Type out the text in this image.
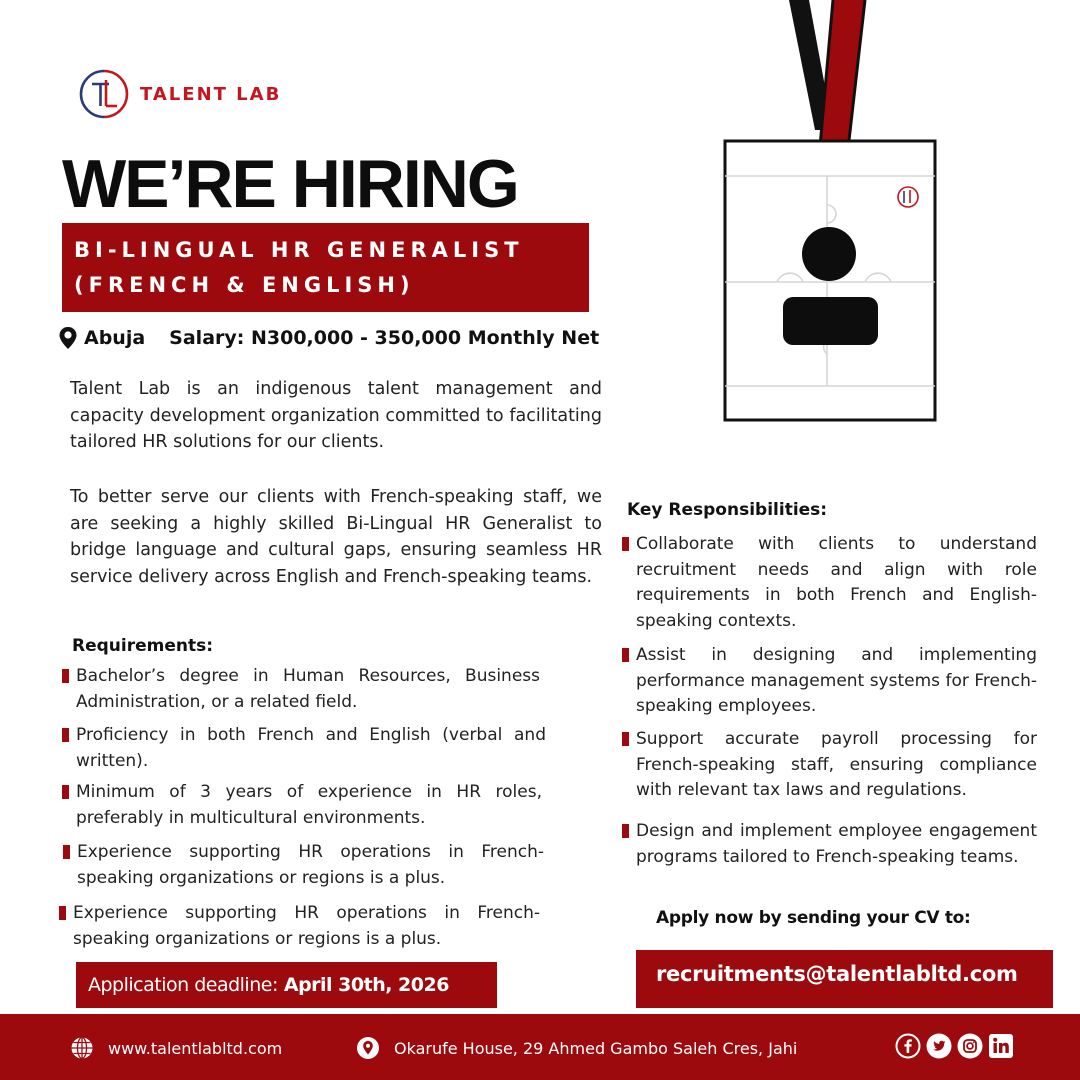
TALENT LAB
WE’RE HIRING
BI-LINGUAL HR GENERALIST
(FRENCH & ENGLISH)
Abuja Salary: N300,000 - 350,000 Monthly Net
Talent Lab is an indigenous talent management and capacity development organization committed to facilitating tailored HR solutions for our clients.
To better serve our clients with French-speaking staff, we are seeking a highly skilled Bi-Lingual HR Generalist to bridge language and cultural gaps, ensuring seamless HR service delivery across English and French-speaking teams.
Requirements:
Bachelor’s degree in Human Resources, Business Administration, or a related field.
Proficiency in both French and English (verbal and written).
Minimum of 3 years of experience in HR roles, preferably in multicultural environments.
Experience supporting HR operations in French-speaking organizations or regions is a plus.
Experience supporting HR operations in French-speaking organizations or regions is a plus.
Key Responsibilities:
Collaborate with clients to understand recruitment needs and align with role requirements in both French and English-speaking contexts.
Assist in designing and implementing performance management systems for French-speaking employees.
Support accurate payroll processing for French-speaking staff, ensuring compliance with relevant tax laws and regulations.
Design and implement employee engagement programs tailored to French-speaking teams.
Application deadline: April 30th, 2026
Apply now by sending your CV to:
recruitments@talentlabltd.com
www.talentlabltd.com	Okarufe House, 29 Ahmed Gambo Saleh Cres, Jahi
